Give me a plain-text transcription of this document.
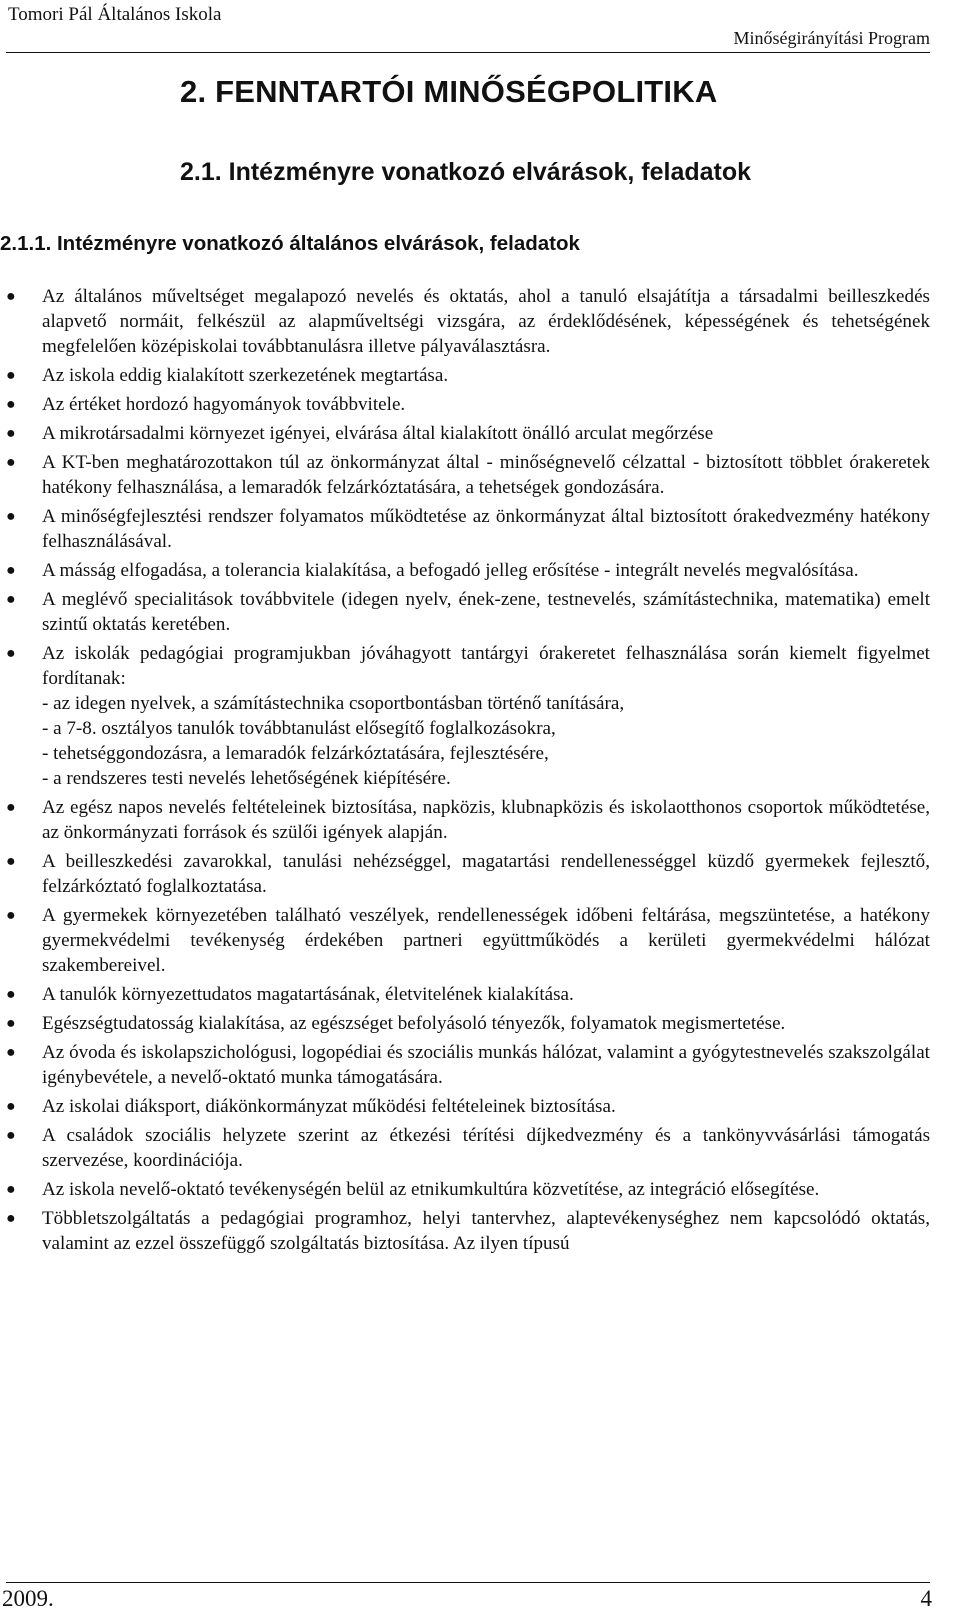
Tomori Pál Általános Iskola
Minőségirányítási Program
2. FENNTARTÓI MINŐSÉGPOLITIKA
2.1. Intézményre vonatkozó elvárások, feladatok
2.1.1. Intézményre vonatkozó általános elvárások, feladatok
● Az általános műveltséget megalapozó nevelés és oktatás, ahol a tanuló elsajátítja a társadalmi beilleszkedés alapvető normáit, felkészül az alapműveltségi vizsgára, az érdeklődésének, képességének és tehetségének megfelelően középiskolai továbbtanulásra illetve pályaválasztásra.
● Az iskola eddig kialakított szerkezetének megtartása.
● Az értéket hordozó hagyományok továbbvitele.
● A mikrotársadalmi környezet igényei, elvárása által kialakított önálló arculat megőrzése
● A KT-ben meghatározottakon túl az önkormányzat által - minőségnevelő célzattal - biztosított többlet órakeretek hatékony felhasználása, a lemaradók felzárkóztatására, a tehetségek gondozására.
● A minőségfejlesztési rendszer folyamatos működtetése az önkormányzat által biztosított órakedvezmény hatékony felhasználásával.
● A másság elfogadása, a tolerancia kialakítása, a befogadó jelleg erősítése - integrált nevelés megvalósítása.
● A meglévő specialitások továbbvitele (idegen nyelv, ének-zene, testnevelés, számítástechnika, matematika) emelt szintű oktatás keretében.
● Az iskolák pedagógiai programjukban jóváhagyott tantárgyi órakeretet felhasználása során kiemelt figyelmet fordítanak:
- az idegen nyelvek, a számítástechnika csoportbontásban történő tanítására,
- a 7-8. osztályos tanulók továbbtanulást elősegítő foglalkozásokra,
- tehetséggondozásra, a lemaradók felzárkóztatására, fejlesztésére,
- a rendszeres testi nevelés lehetőségének kiépítésére.
● Az egész napos nevelés feltételeinek biztosítása, napközis, klubnapközis és iskolaotthonos csoportok működtetése, az önkormányzati források és szülői igények alapján.
● A beilleszkedési zavarokkal, tanulási nehézséggel, magatartási rendellenességgel küzdő gyermekek fejlesztő, felzárkóztató foglalkoztatása.
● A gyermekek környezetében található veszélyek, rendellenességek időbeni feltárása, megszüntetése, a hatékony gyermekvédelmi tevékenység érdekében partneri együttműködés a kerületi gyermekvédelmi hálózat szakembereivel.
● A tanulók környezettudatos magatartásának, életvitelének kialakítása.
● Egészségtudatosság kialakítása, az egészséget befolyásoló tényezők, folyamatok megismertetése.
● Az óvoda és iskolapszichológusi, logopédiai és szociális munkás hálózat, valamint a gyógytestnevelés szakszolgálat igénybevétele, a nevelő-oktató munka támogatására.
● Az iskolai diáksport, diákönkormányzat működési feltételeinek biztosítása.
● A családok szociális helyzete szerint az étkezési térítési díjkedvezmény és a tankönyvvásárlási támogatás szervezése, koordinációja.
● Az iskola nevelő-oktató tevékenységén belül az etnikumkultúra közvetítése, az integráció elősegítése.
● Többletszolgáltatás a pedagógiai programhoz, helyi tantervhez, alaptevékenységhez nem kapcsolódó oktatás, valamint az ezzel összefüggő szolgáltatás biztosítása. Az ilyen típusú
2009.	4
